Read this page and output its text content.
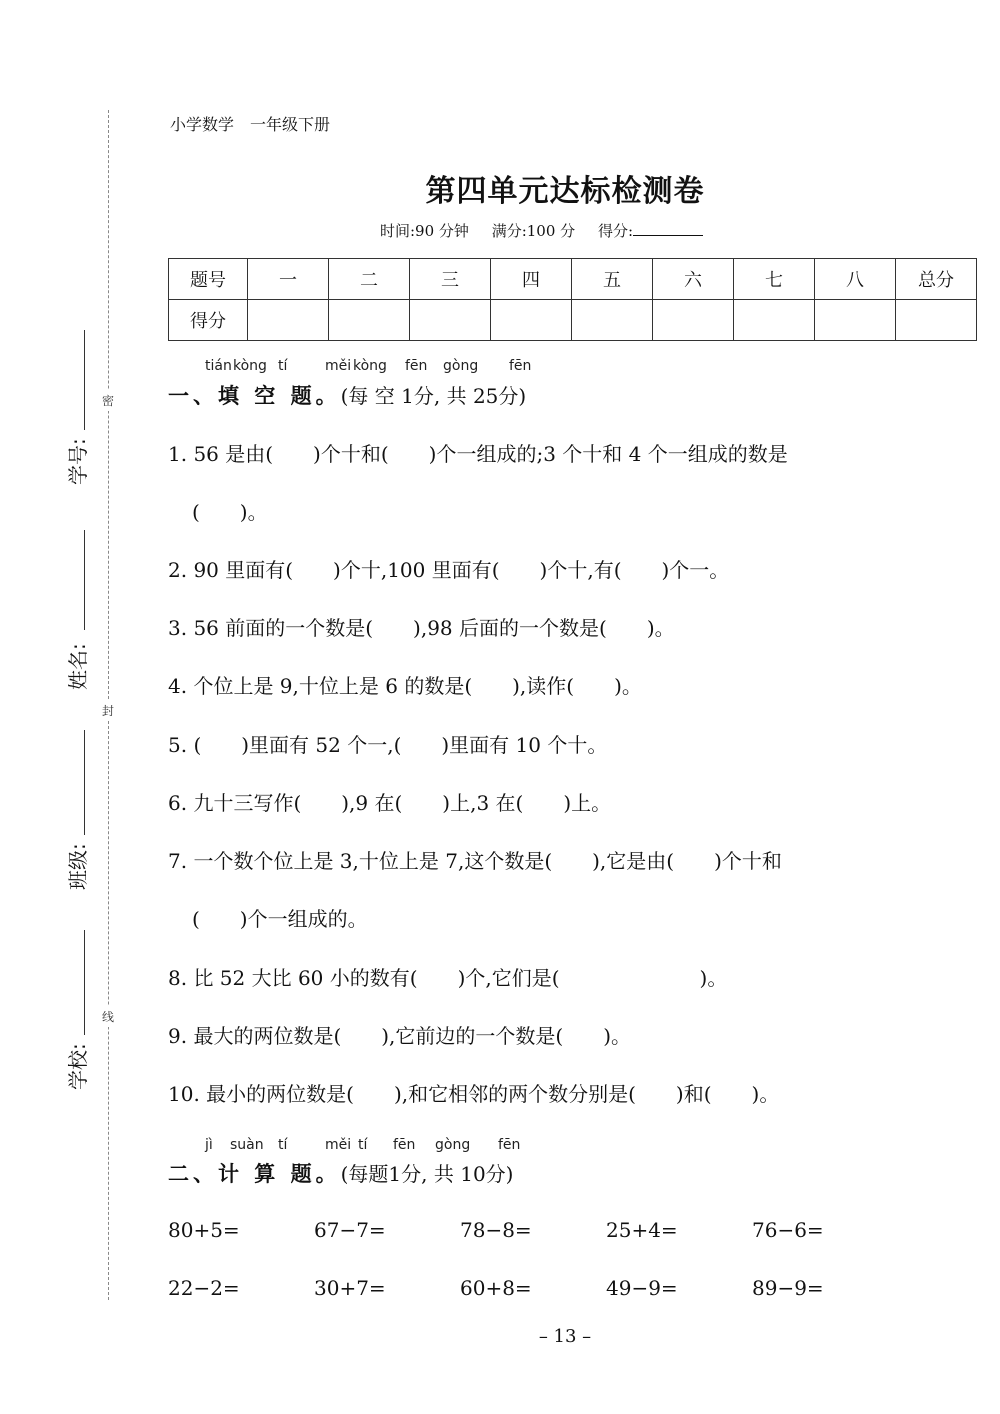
密
封
线
学号:
姓名:
班级:
学校:
小学数学　一年级下册
第四单元达标检测卷
时间:90 分钟 满分:100 分 得分:
题号	一	二	三	四	五	六	七	八	总分
得分									
tián kòng tí	měi kòng fēn gòng fēn
一、填 空 题。(每 空 1分, 共 25分)
1. 56 是由(　　)个十和(　　)个一组成的;3 个十和 4 个一组成的数是
(　　)。
2. 90 里面有(　　)个十,100 里面有(　　)个十,有(　　)个一。
3. 56 前面的一个数是(　　),98 后面的一个数是(　　)。
4. 个位上是 9,十位上是 6 的数是(　　),读作(　　)。
5. (　　)里面有 52 个一,(　　)里面有 10 个十。
6. 九十三写作(　　),9 在(　　)上,3 在(　　)上。
7. 一个数个位上是 3,十位上是 7,这个数是(　　),它是由(　　)个十和
(　　)个一组成的。
8. 比 52 大比 60 小的数有(　　)个,它们是(　　　　　　　)。
9. 最大的两位数是(　　),它前边的一个数是(　　)。
10. 最小的两位数是(　　),和它相邻的两个数分别是(　　)和(　　)。
jì suàn tí	měi tí fēn gòng fēn
二、计 算 题。(每题1分, 共 10分)
80+5=	67−7=	78−8=	25+4=	76−6=
22−2=	30+7=	60+8=	49−9=	89−9=
– 13 –
